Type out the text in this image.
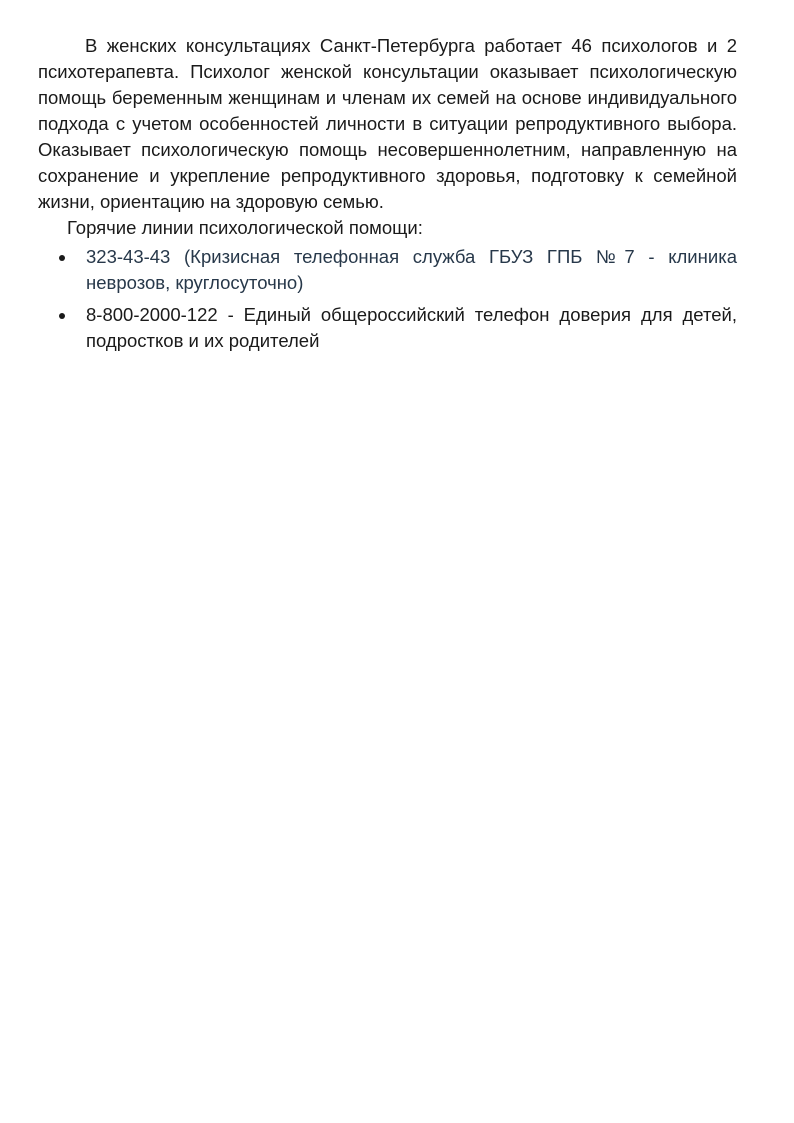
В женских консультациях Санкт-Петербурга работает 46 психологов и 2 психотерапевта. Психолог женской консультации оказывает психологическую помощь беременным женщинам и членам их семей на основе индивидуального подхода с учетом особенностей личности в ситуации репродуктивного выбора. Оказывает психологическую помощь несовершеннолетним, направленную на сохранение и укрепление репродуктивного здоровья, подготовку к семейной жизни, ориентацию на здоровую семью.

Горячие линии психологической помощи:

323-43-43 (Кризисная телефонная служба ГБУЗ ГПБ №7 - клиника неврозов, круглосуточно)
8-800-2000-122 - Единый общероссийский телефон доверия для детей, подростков и их родителей
